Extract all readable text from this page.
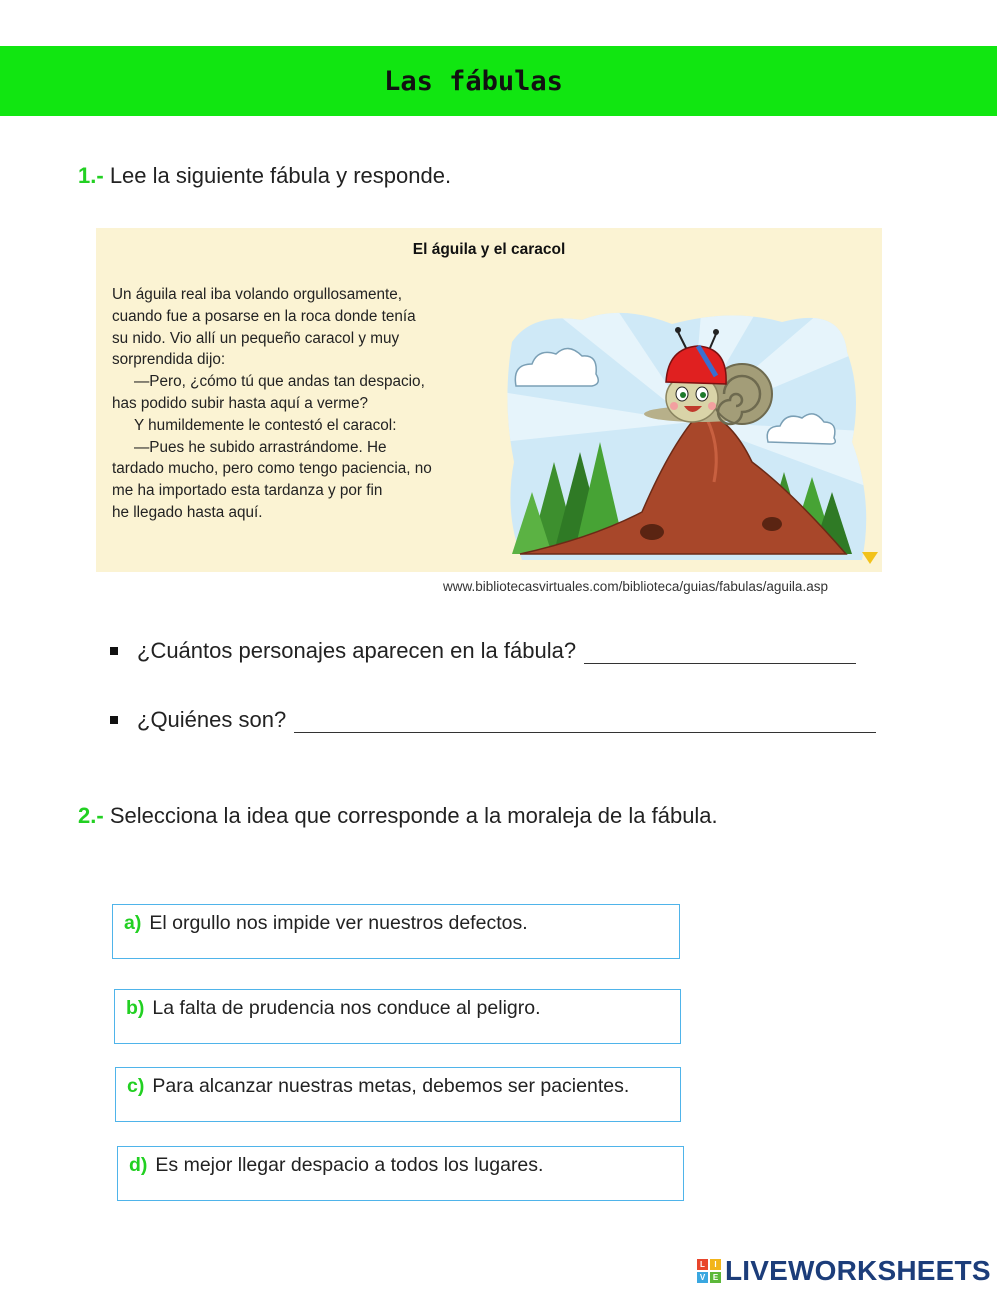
Las fábulas
1.- Lee la siguiente fábula y responde.
El águila y el caracol

Un águila real iba volando orgullosamente,

cuando fue a posarse en la roca donde tenía

su nido. Vio allí un pequeño caracol y muy

sorprendida dijo:

—Pero, ¿cómo tú que andas tan despacio,

has podido subir hasta aquí a verme?

Y humildemente le contestó el caracol:

—Pues he subido arrastrándome. He

tardado mucho, pero como tengo paciencia, no

me ha importado esta tardanza y por fin

he llegado hasta aquí.

www.bibliotecasvirtuales.com/biblioteca/guias/fabulas/aguila.asp
¿Cuántos personajes aparecen en la fábula?
¿Quiénes son?
2.- Selecciona la idea que corresponde a la moraleja de la fábula.
a) El orgullo nos impide ver nuestros defectos.
b) La falta de prudencia nos conduce al peligro.
c) Para alcanzar nuestras metas, debemos ser pacientes.
d) Es mejor llegar despacio a todos los lugares.
L	I
V E LIVEWORKSHEETS
